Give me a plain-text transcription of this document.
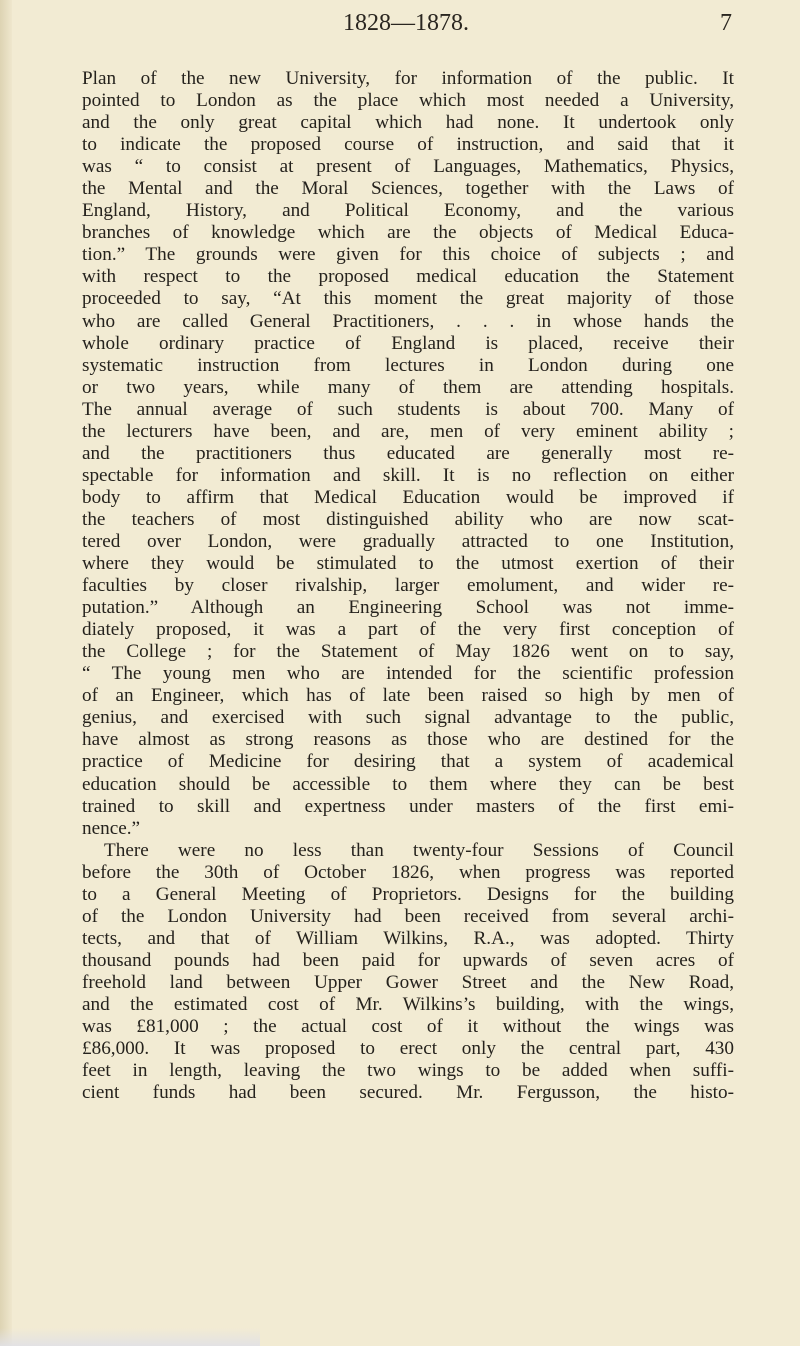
1828—1878.	7
Plan of the new University, for information of the public. It
pointed to London as the place which most needed a University,
and the only great capital which had none. It undertook only
to indicate the proposed course of instruction, and said that it
was “ to consist at present of Languages, Mathematics, Physics,
the Mental and the Moral Sciences, together with the Laws of
England, History, and Political Economy, and the various
branches of knowledge which are the objects of Medical Educa-
tion.” The grounds were given for this choice of subjects ; and
with respect to the proposed medical education the Statement
proceeded to say, “At this moment the great majority of those
who are called General Practitioners, . . . in whose hands the
whole ordinary practice of England is placed, receive their
systematic instruction from lectures in London during one
or two years, while many of them are attending hospitals.
The annual average of such students is about 700. Many of
the lecturers have been, and are, men of very eminent ability ;
and the practitioners thus educated are generally most re-
spectable for information and skill. It is no reflection on either
body to affirm that Medical Education would be improved if
the teachers of most distinguished ability who are now scat-
tered over London, were gradually attracted to one Institution,
where they would be stimulated to the utmost exertion of their
faculties by closer rivalship, larger emolument, and wider re-
putation.” Although an Engineering School was not imme-
diately proposed, it was a part of the very first conception of
the College ; for the Statement of May 1826 went on to say,
“ The young men who are intended for the scientific profession
of an Engineer, which has of late been raised so high by men of
genius, and exercised with such signal advantage to the public,
have almost as strong reasons as those who are destined for the
practice of Medicine for desiring that a system of academical
education should be accessible to them where they can be best
trained to skill and expertness under masters of the first emi-
nence.”
There were no less than twenty-four Sessions of Council
before the 30th of October 1826, when progress was reported
to a General Meeting of Proprietors. Designs for the building
of the London University had been received from several archi-
tects, and that of William Wilkins, R.A., was adopted. Thirty
thousand pounds had been paid for upwards of seven acres of
freehold land between Upper Gower Street and the New Road,
and the estimated cost of Mr. Wilkins’s building, with the wings,
was £81,000 ; the actual cost of it without the wings was
£86,000. It was proposed to erect only the central part, 430
feet in length, leaving the two wings to be added when suffi-
cient funds had been secured. Mr. Fergusson, the histo-
